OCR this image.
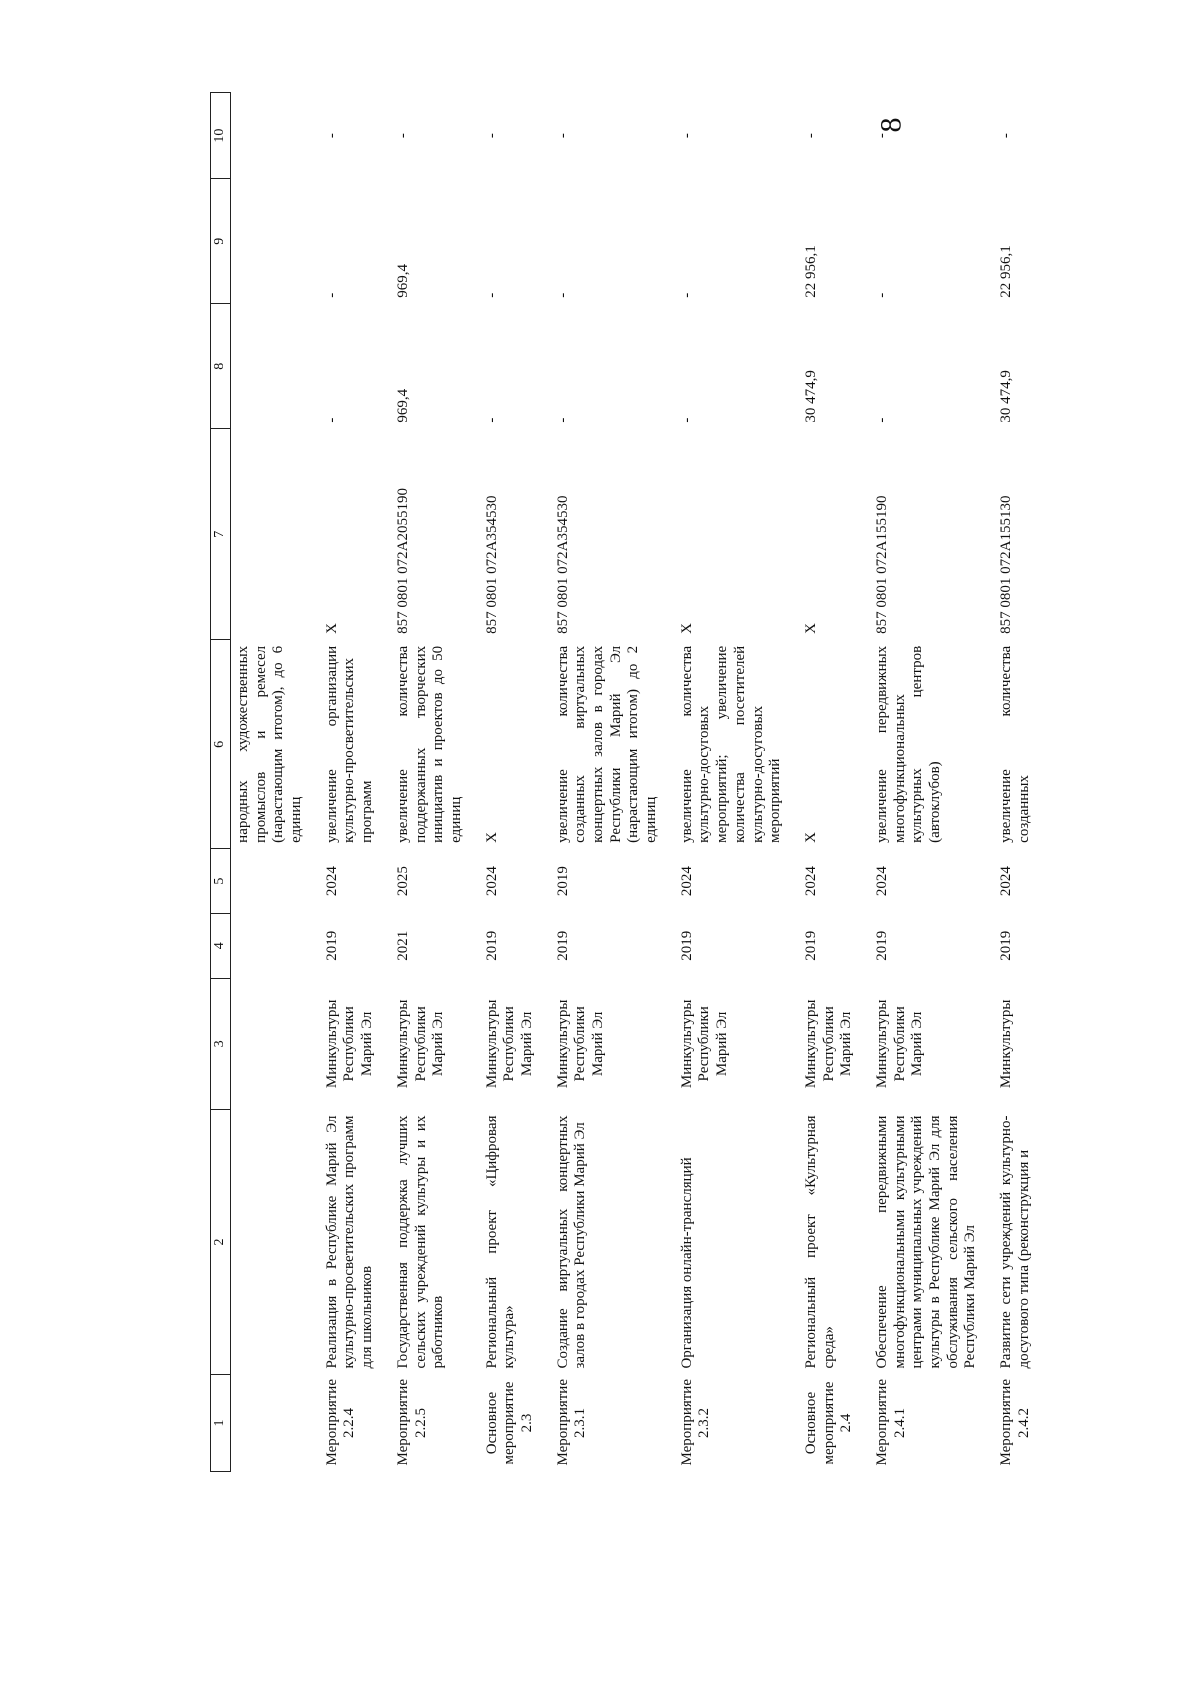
8
1	2	3	4	5	6	7	8	9	10
					народных художественных промыслов и ремесел (нарастающим итогом), до 6 единиц				
Мероприятие 2.2.4	Реализация в Республике Марий Эл культурно-просветительских программ для школьников	Минкультуры Республики Марий Эл	2019	2024	увеличение организации культурно-просветительских программ	X	-	-	-
Мероприятие 2.2.5	Государственная поддержка лучших сельских учреждений культуры и их работников	Минкультуры Республики Марий Эл	2021	2025	увеличение количества поддержанных творческих инициатив и проектов до 50 единиц	857 0801 072A2055190	969,4	969,4	-
Основное мероприятие 2.3	Региональный проект «Цифровая культура»	Минкультуры Республики Марий Эл	2019	2024	X	857 0801 072A354530	-	-	-
Мероприятие 2.3.1	Создание виртуальных концертных залов в городах Республики Марий Эл	Минкультуры Республики Марий Эл	2019	2019	увеличение количества созданных виртуальных концертных залов в городах Республики Марий Эл (нарастающим итогом) до 2 единиц	857 0801 072A354530	-	-	-
Мероприятие 2.3.2	Организация онлайн-трансляций	Минкультуры Республики Марий Эл	2019	2024	увеличение количества культурно-досуговых мероприятий; увеличение количества посетителей культурно-досуговых мероприятий	X	-	-	-
Основное мероприятие 2.4	Региональный проект «Культурная среда»	Минкультуры Республики Марий Эл	2019	2024	X	X	30 474,9	22 956,1	-
Мероприятие 2.4.1	Обеспечение передвижными многофункциональными культурными центрами муниципальных учреждений культуры в Республике Марий Эл для обслуживания сельского населения Республики Марий Эл	Минкультуры Республики Марий Эл	2019	2024	увеличение передвижных многофункциональных культурных центров (автоклубов)	857 0801 072A155190	-	-	-
Мероприятие 2.4.2	Развитие сети учреждений культурно-досугового типа (реконструкция и	Минкультуры	2019	2024	увеличение количества созданных	857 0801 072A155130	30 474,9	22 956,1	-
